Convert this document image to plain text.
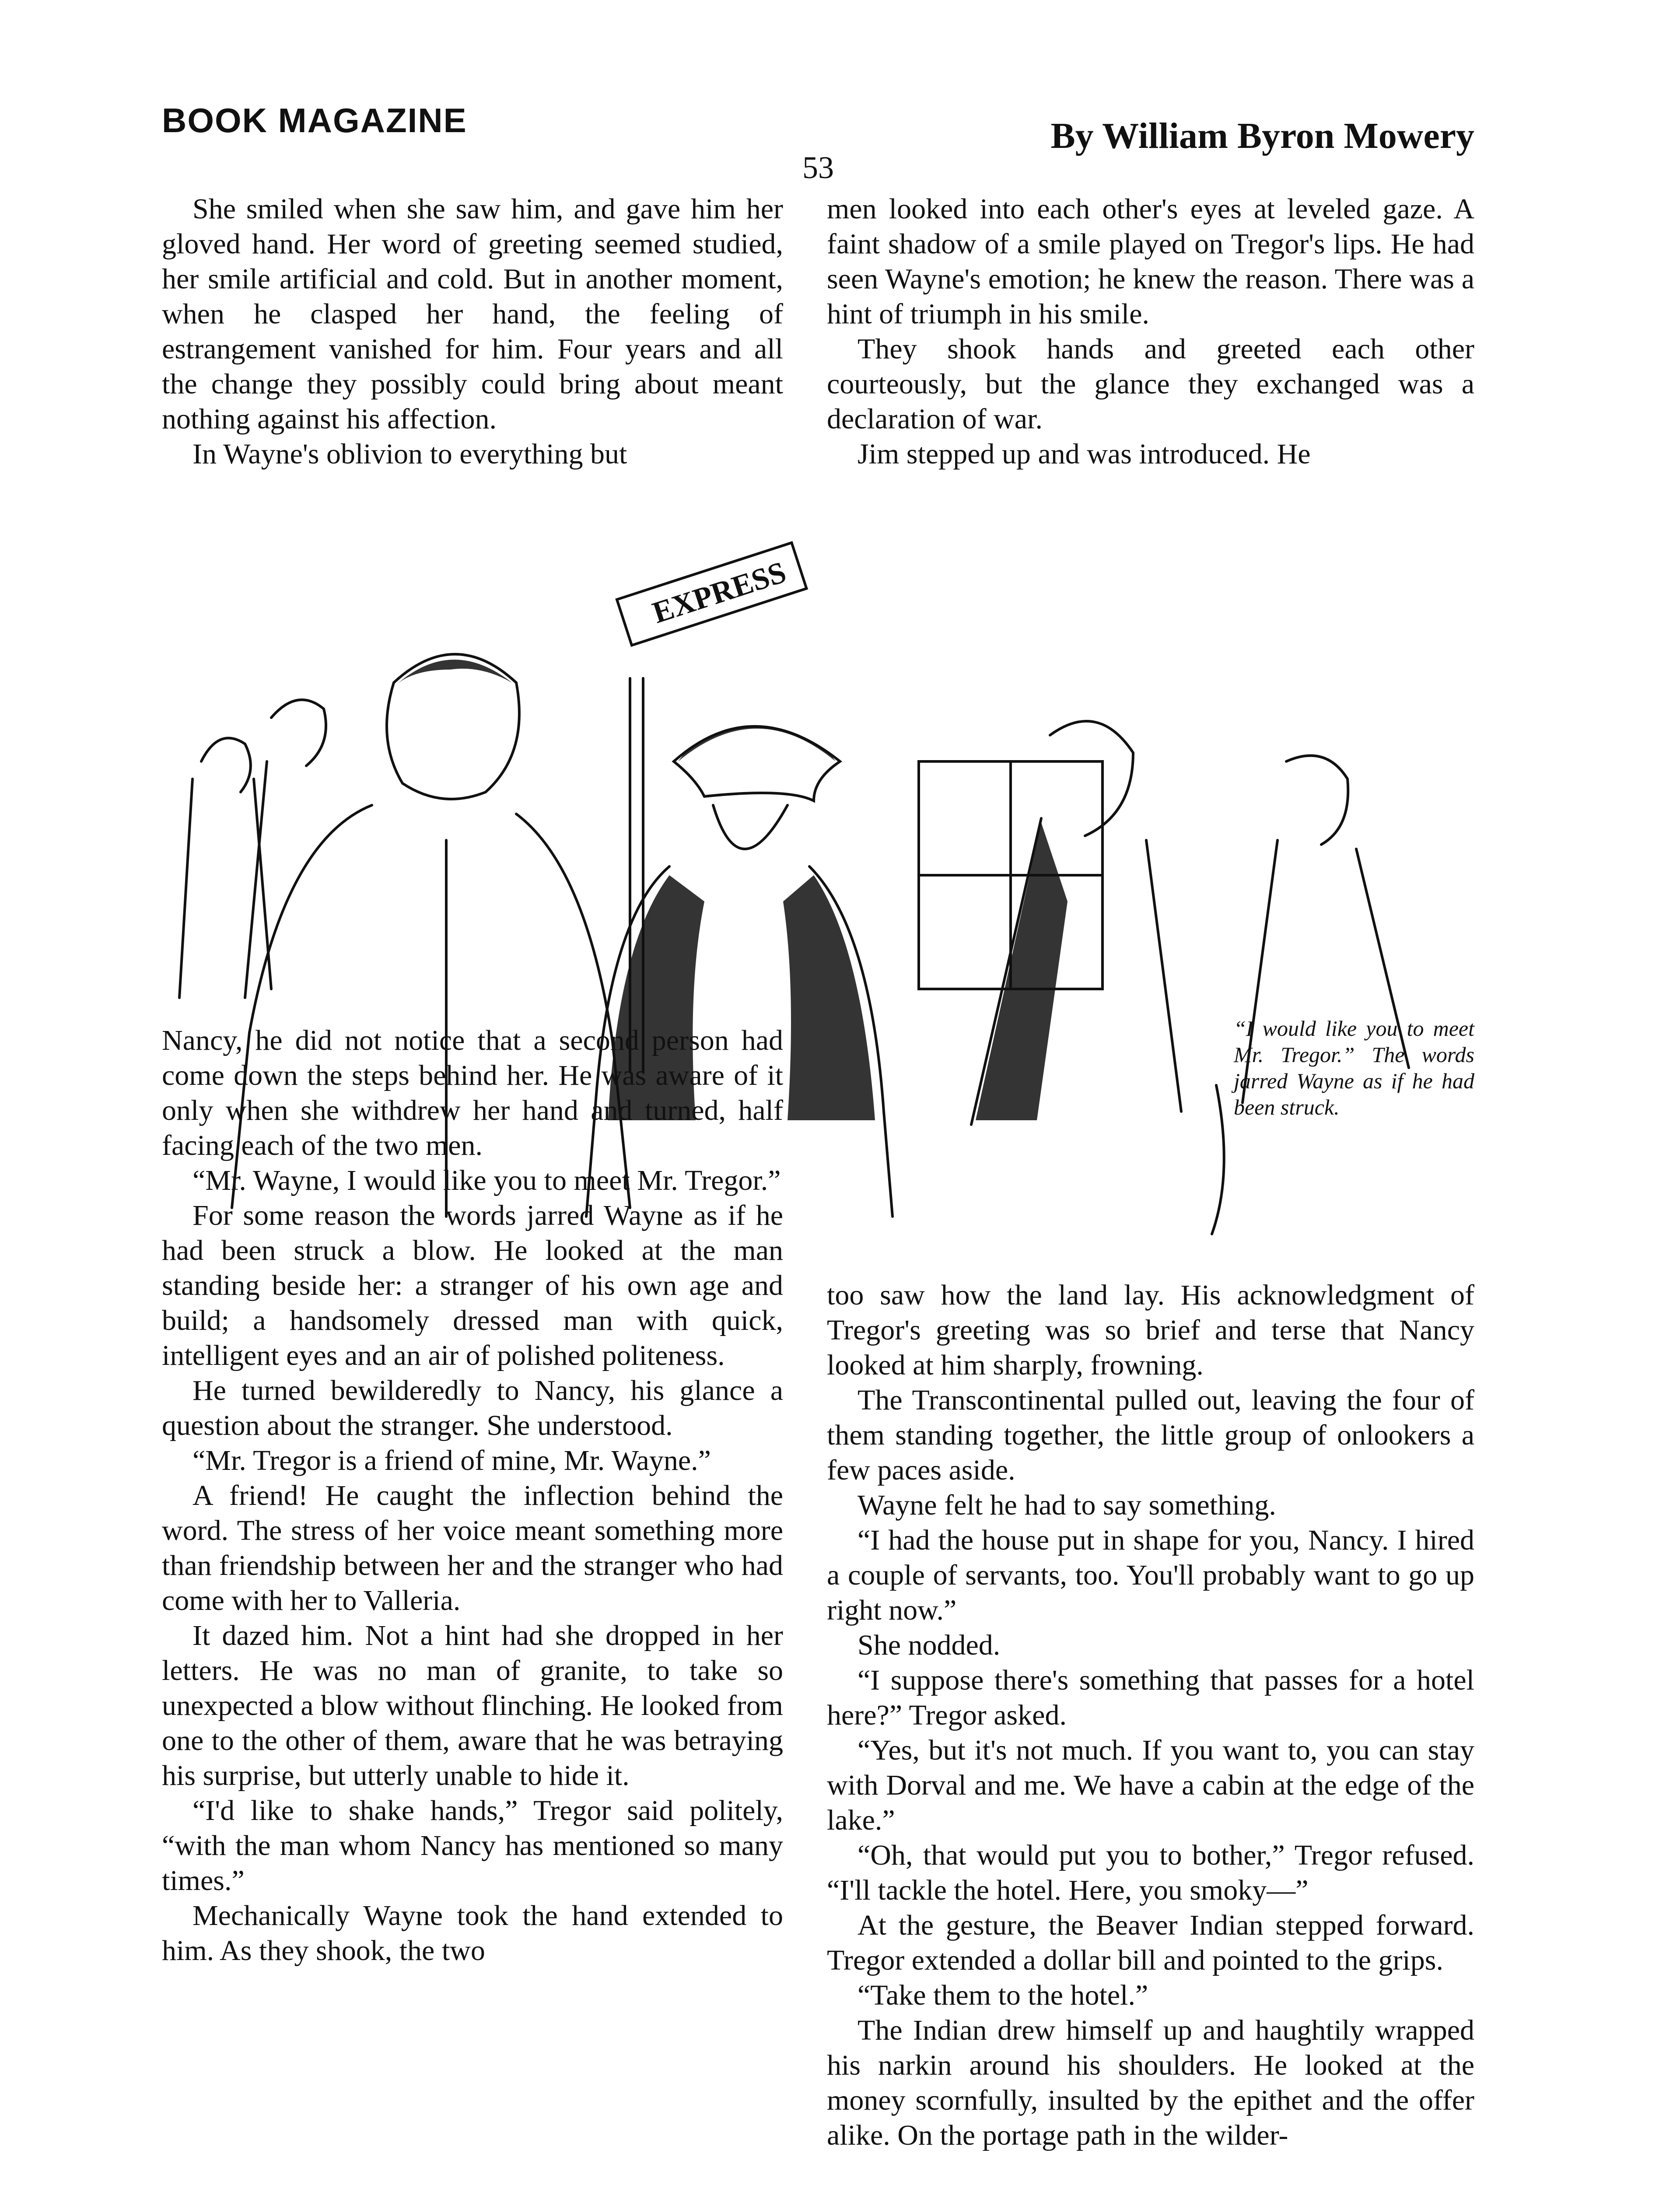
BOOK MAGAZINE	By William Byron Mowery
53

She smiled when she saw him, and gave him her gloved hand. Her word of greeting seemed studied, her smile artificial and cold. But in another moment, when he clasped her hand, the feeling of estrangement vanished for him. Four years and all the change they possibly could bring about meant nothing against his affection.

In Wayne's oblivion to everything but

men looked into each other's eyes at leveled gaze. A faint shadow of a smile played on Tregor's lips. He had seen Wayne's emotion; he knew the reason. There was a hint of triumph in his smile.

They shook hands and greeted each other courteously, but the glance they exchanged was a declaration of war.

Jim stepped up and was introduced. He

EXPRESS
“I would like you to meet Mr. Tregor.” The words jarred Wayne as if he had been struck.

Nancy, he did not notice that a second person had come down the steps behind her. He was aware of it only when she withdrew her hand and turned, half facing each of the two men.

“Mr. Wayne, I would like you to meet Mr. Tregor.”

For some reason the words jarred Wayne as if he had been struck a blow. He looked at the man standing beside her: a stranger of his own age and build; a handsomely dressed man with quick, intelligent eyes and an air of polished politeness.

He turned bewilderedly to Nancy, his glance a question about the stranger. She understood.

“Mr. Tregor is a friend of mine, Mr. Wayne.”

A friend! He caught the inflection behind the word. The stress of her voice meant something more than friendship between her and the stranger who had come with her to Valleria.

It dazed him. Not a hint had she dropped in her letters. He was no man of granite, to take so unexpected a blow without flinching. He looked from one to the other of them, aware that he was betraying his surprise, but utterly unable to hide it.

“I'd like to shake hands,” Tregor said politely, “with the man whom Nancy has mentioned so many times.”

Mechanically Wayne took the hand extended to him. As they shook, the two

too saw how the land lay. His acknowledgment of Tregor's greeting was so brief and terse that Nancy looked at him sharply, frowning.

The Transcontinental pulled out, leaving the four of them standing together, the little group of onlookers a few paces aside.

Wayne felt he had to say something.

“I had the house put in shape for you, Nancy. I hired a couple of servants, too. You'll probably want to go up right now.”

She nodded.

“I suppose there's something that passes for a hotel here?” Tregor asked.

“Yes, but it's not much. If you want to, you can stay with Dorval and me. We have a cabin at the edge of the lake.”

“Oh, that would put you to bother,” Tregor refused. “I'll tackle the hotel. Here, you smoky—”

At the gesture, the Beaver Indian stepped forward. Tregor extended a dollar bill and pointed to the grips.

“Take them to the hotel.”

The Indian drew himself up and haughtily wrapped his narkin around his shoulders. He looked at the money scornfully, insulted by the epithet and the offer alike. On the portage path in the wilder-
